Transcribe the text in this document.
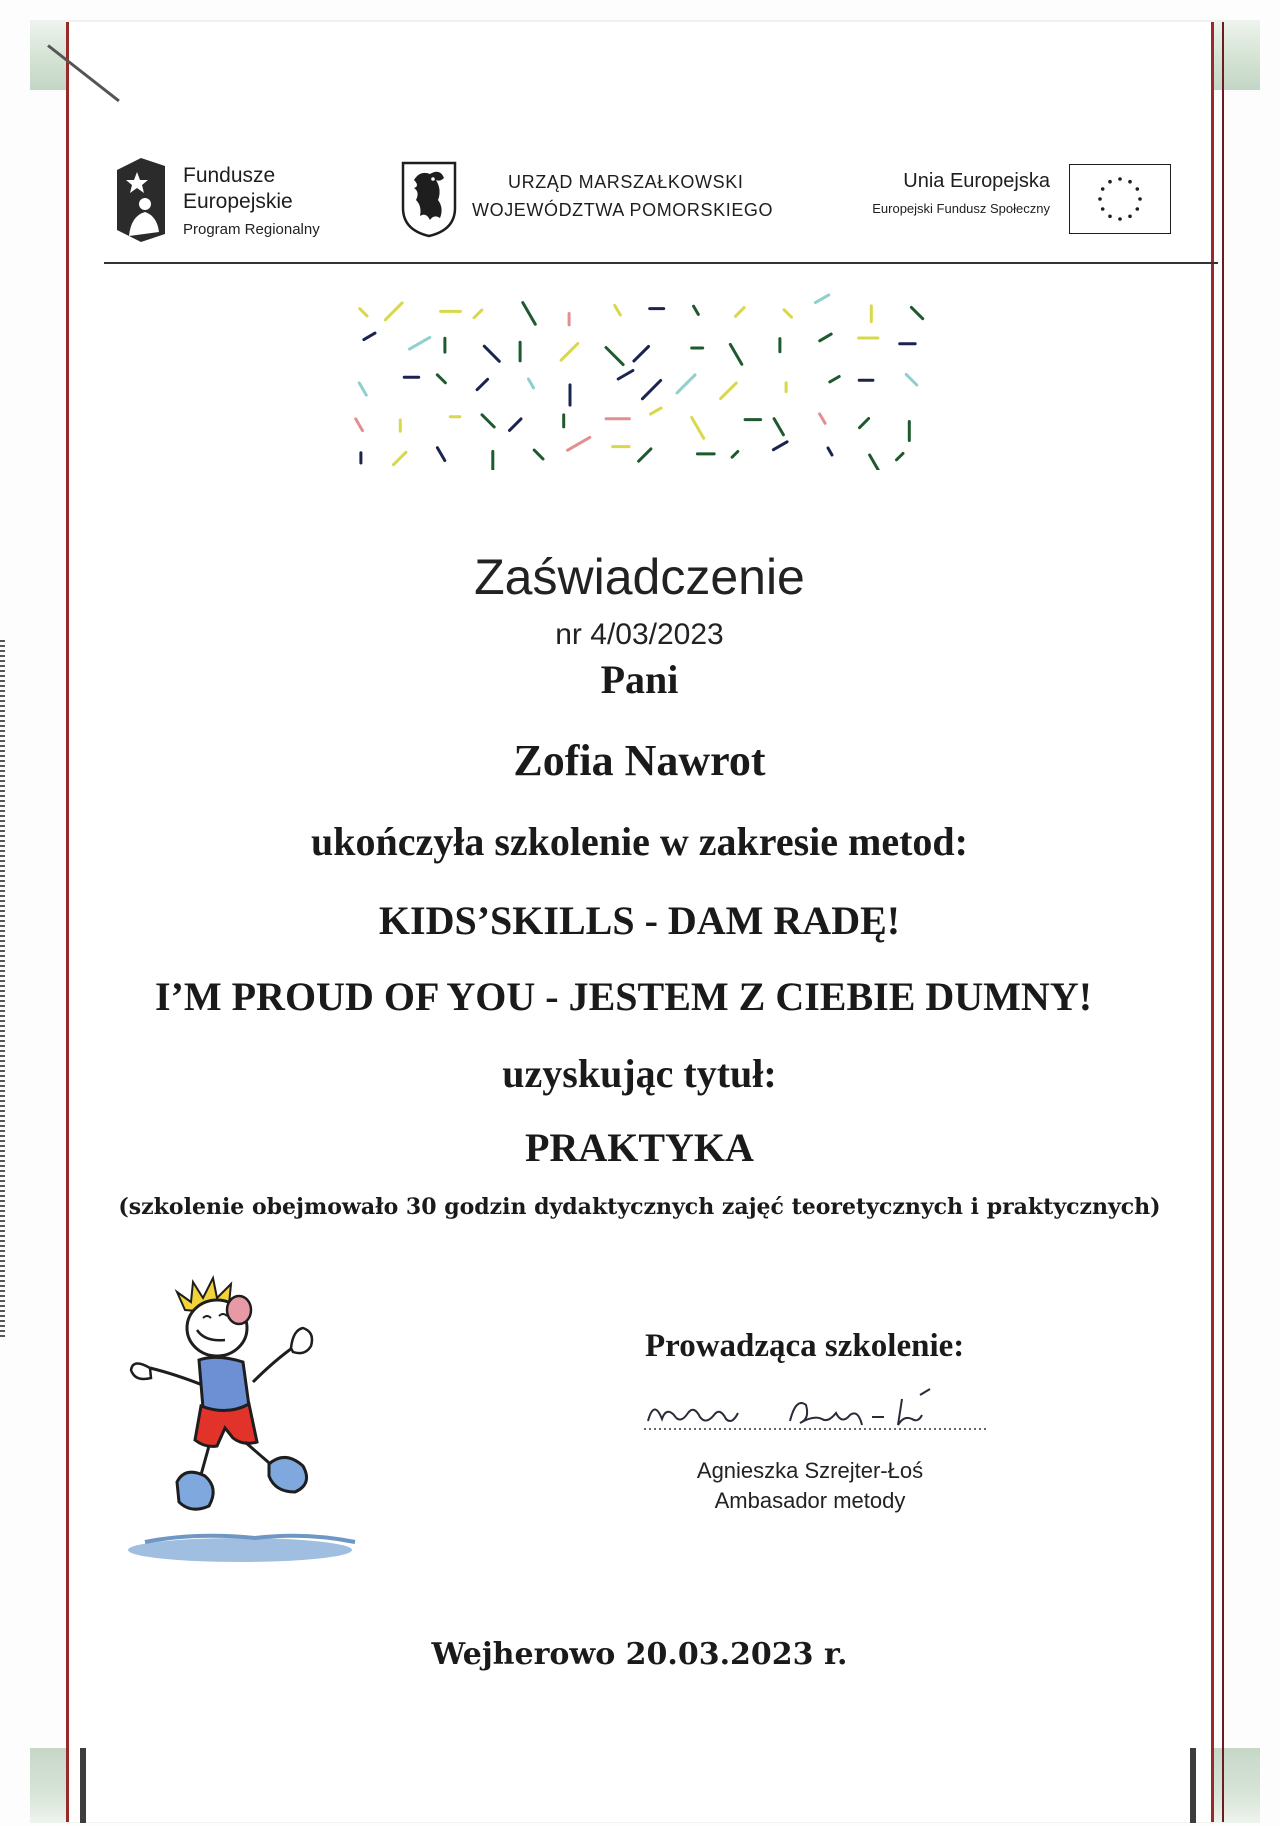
Fundusze
Europejskie
Program Regionalny
URZĄD MARSZAŁKOWSKI
WOJEWÓDZTWA POMORSKIEGO
Unia Europejska
Europejski Fundusz Społeczny
Zaświadczenie
nr 4/03/2023
Pani
Zofia Nawrot
ukończyła szkolenie w zakresie metod:
KIDS’SKILLS - DAM RADĘ!
I’M PROUD OF YOU - JESTEM Z CIEBIE DUMNY!
uzyskując tytuł:
PRAKTYKA
(szkolenie obejmowało 30 godzin dydaktycznych zajęć teoretycznych i praktycznych)
Prowadząca szkolenie:
Agnieszka Szrejter-Łoś
Ambasador metody
Wejherowo 20.03.2023 r.
